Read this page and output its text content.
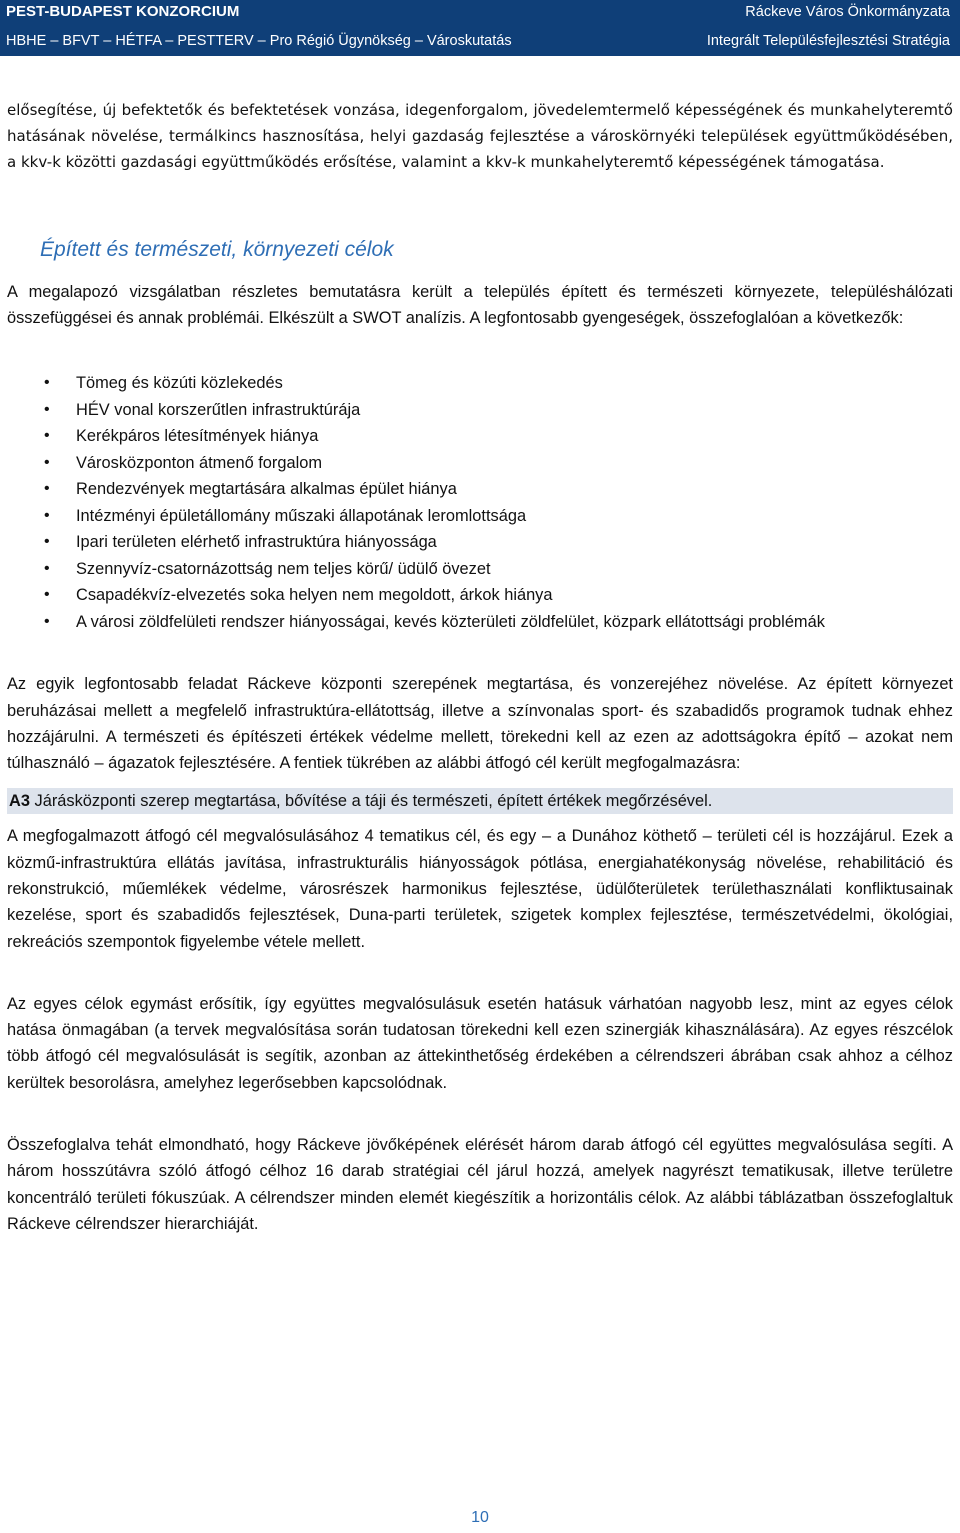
PEST-BUDAPEST KONZORCIUM
HBHE – BFVT – HÉTFA – PESTTERV – Pro Régió Ügynökség – Városkutatás
Ráckeve Város Önkormányzata
Integrált Településfejlesztési Stratégia

elősegítése, új befektetők és befektetések vonzása, idegenforgalom, jövedelemtermelő képességének és munkahelyteremtő hatásának növelése, termálkincs hasznosítása, helyi gazdaság fejlesztése a városkörnyéki települések együttműködésében, a kkv-k közötti gazdasági együttműködés erősítése, valamint a kkv-k munkahelyteremtő képességének támogatása.

Épített és természeti, környezeti célok

A megalapozó vizsgálatban részletes bemutatásra került a település épített és természeti környezete, településhálózati összefüggései és annak problémái. Elkészült a SWOT analízis. A legfontosabb gyengeségek, összefoglalóan a következők:

• Tömeg és közúti közlekedés
• HÉV vonal korszerűtlen infrastruktúrája
• Kerékpáros létesítmények hiánya
• Városközponton átmenő forgalom
• Rendezvények megtartására alkalmas épület hiánya
• Intézményi épületállomány műszaki állapotának leromlottsága
• Ipari területen elérhető infrastruktúra hiányossága
• Szennyvíz-csatornázottság nem teljes körű/ üdülő övezet
• Csapadékvíz-elvezetés soka helyen nem megoldott, árkok hiánya
• A városi zöldfelületi rendszer hiányosságai, kevés közterületi zöldfelület, közpark ellátottsági problémák

Az egyik legfontosabb feladat Ráckeve központi szerepének megtartása, és vonzerejéhez növelése. Az épített környezet beruházásai mellett a megfelelő infrastruktúra-ellátottság, illetve a színvonalas sport- és szabadidős programok tudnak ehhez hozzájárulni. A természeti és építészeti értékek védelme mellett, törekedni kell az ezen az adottságokra építő – azokat nem túlhasználó – ágazatok fejlesztésére. A fentiek tükrében az alábbi átfogó cél került megfogalmazásra:

A3 Járásközponti szerep megtartása, bővítése a táji és természeti, épített értékek megőrzésével.

A megfogalmazott átfogó cél megvalósulásához 4 tematikus cél, és egy – a Dunához köthető – területi cél is hozzájárul. Ezek a közmű-infrastruktúra ellátás javítása, infrastrukturális hiányosságok pótlása, energiahatékonyság növelése, rehabilitáció és rekonstrukció, műemlékek védelme, városrészek harmonikus fejlesztése, üdülőterületek területhasználati konfliktusainak kezelése, sport és szabadidős fejlesztések, Duna-parti területek, szigetek komplex fejlesztése, természetvédelmi, ökológiai, rekreációs szempontok figyelembe vétele mellett.

Az egyes célok egymást erősítik, így együttes megvalósulásuk esetén hatásuk várhatóan nagyobb lesz, mint az egyes célok hatása önmagában (a tervek megvalósítása során tudatosan törekedni kell ezen szinergiák kihasználására). Az egyes részcélok több átfogó cél megvalósulását is segítik, azonban az áttekinthetőség érdekében a célrendszeri ábrában csak ahhoz a célhoz kerültek besorolásra, amelyhez legerősebben kapcsolódnak.

Összefoglalva tehát elmondható, hogy Ráckeve jövőképének elérését három darab átfogó cél együttes megvalósulása segíti. A három hosszútávra szóló átfogó célhoz 16 darab stratégiai cél járul hozzá, amelyek nagyrészt tematikusak, illetve területre koncentráló területi fókuszúak. A célrendszer minden elemét kiegészítik a horizontális célok. Az alábbi táblázatban összefoglaltuk Ráckeve célrendszer hierarchiáját.

10
